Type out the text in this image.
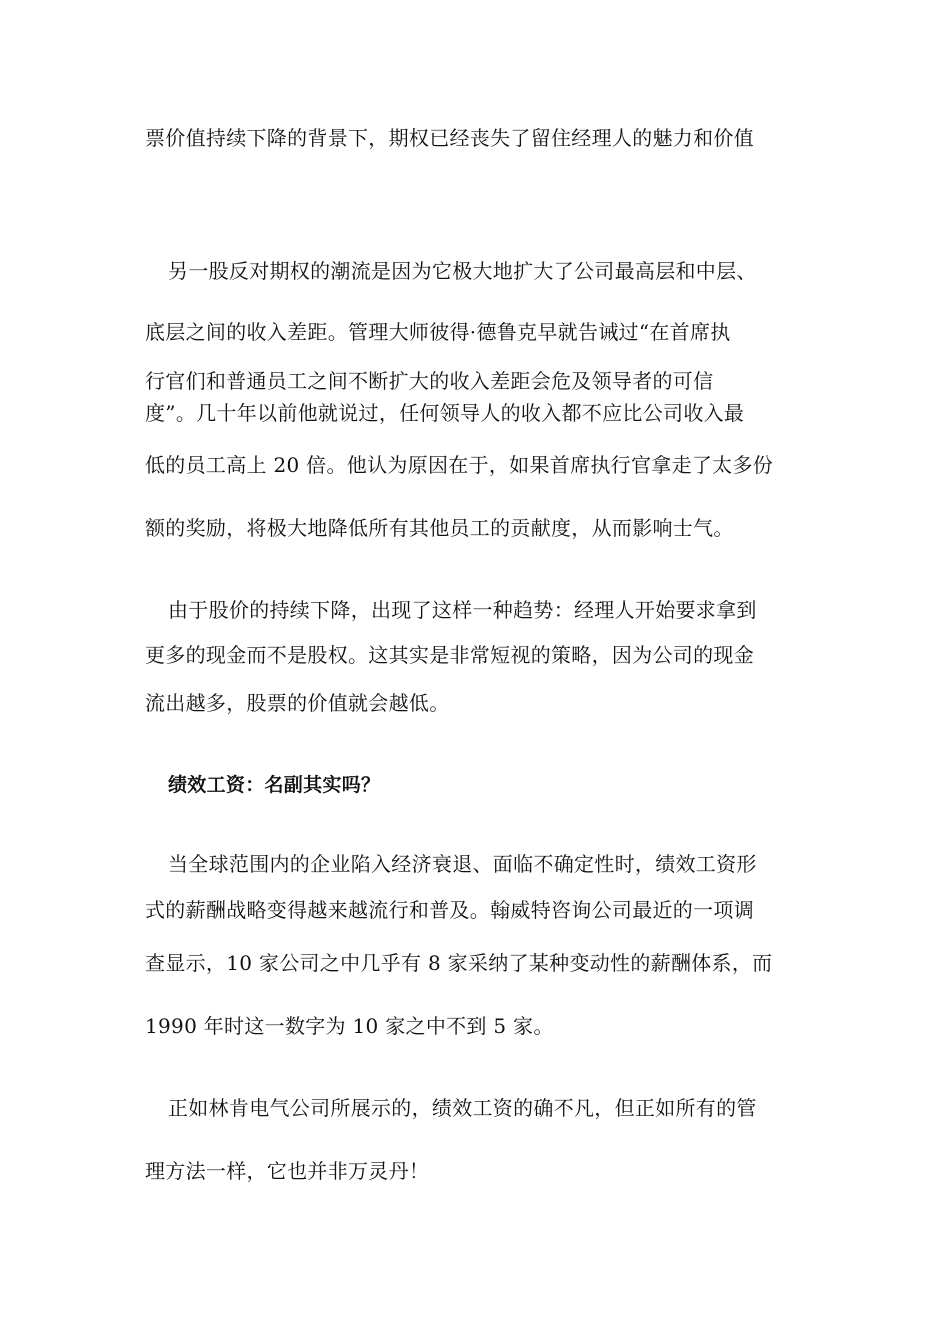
票价值持续下降的背景下，期权已经丧失了留住经理人的魅力和价值
另一股反对期权的潮流是因为它极大地扩大了公司最高层和中层、
底层之间的收入差距。管理大师彼得·德鲁克早就告诫过“在首席执
行官们和普通员工之间不断扩大的收入差距会危及领导者的可信
度”。几十年以前他就说过，任何领导人的收入都不应比公司收入最
低的员工高上 20 倍。他认为原因在于，如果首席执行官拿走了太多份
额的奖励，将极大地降低所有其他员工的贡献度，从而影响士气。
由于股价的持续下降，出现了这样一种趋势：经理人开始要求拿到
更多的现金而不是股权。这其实是非常短视的策略，因为公司的现金
流出越多，股票的价值就会越低。
绩效工资：名副其实吗？
当全球范围内的企业陷入经济衰退、面临不确定性时，绩效工资形
式的薪酬战略变得越来越流行和普及。翰威特咨询公司最近的一项调
查显示，10 家公司之中几乎有 8 家采纳了某种变动性的薪酬体系，而
1990 年时这一数字为 10 家之中不到 5 家。
正如林肯电气公司所展示的，绩效工资的确不凡，但正如所有的管
理方法一样，它也并非万灵丹！
